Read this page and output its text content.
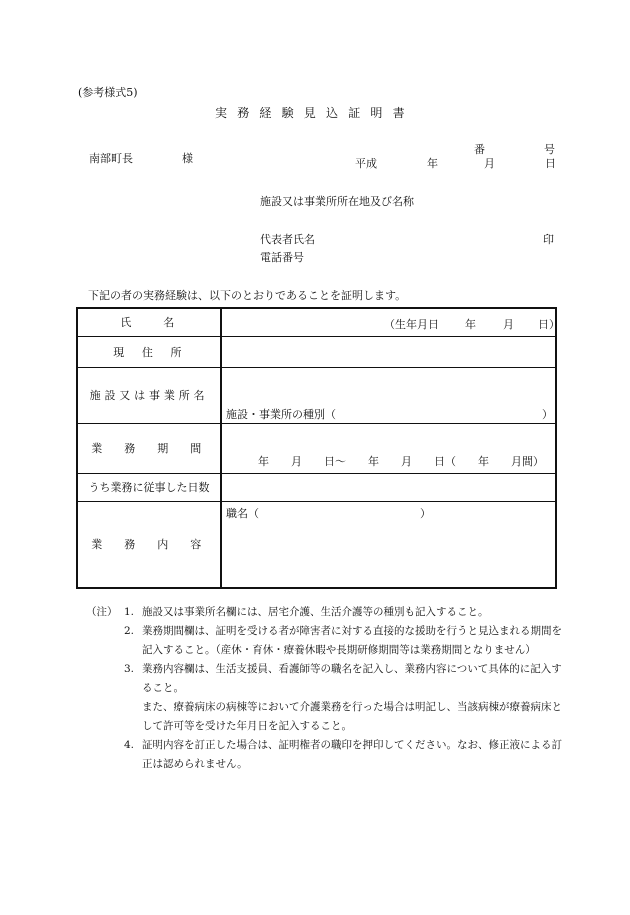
(参考様式5)
実務経験見込証明書
番	号
南部町長	様	平成	年	月	日
施設又は事業所所在地及び名称
代表者氏名	印
電話番号
下記の者の実務経験は、以下のとおりであることを証明します。
氏　　名	（生年月日 年 月 日）

現　住　所	

施設又は事業所名	施設・事業所の種別（ ）

業　務　期　間	年　　月　　日～　　年　　月　　日（　　年　　月間）

うち業務に従事した日数	

業　務　内　容	職名（ ）
（注） 1. 施設又は事業所名欄には、居宅介護、生活介護等の種別も記入すること。
2. 業務期間欄は、証明を受ける者が障害者に対する直接的な援助を行うと見込まれる期間を記入すること。（産休・育休・療養休暇や長期研修期間等は業務期間となりません）
3. 業務内容欄は、生活支援員、看護師等の職名を記入し、業務内容について具体的に記入すること。
また、療養病床の病棟等において介護業務を行った場合は明記し、当該病棟が療養病床として許可等を受けた年月日を記入すること。
4. 証明内容を訂正した場合は、証明権者の職印を押印してください。なお、修正液による訂正は認められません。
